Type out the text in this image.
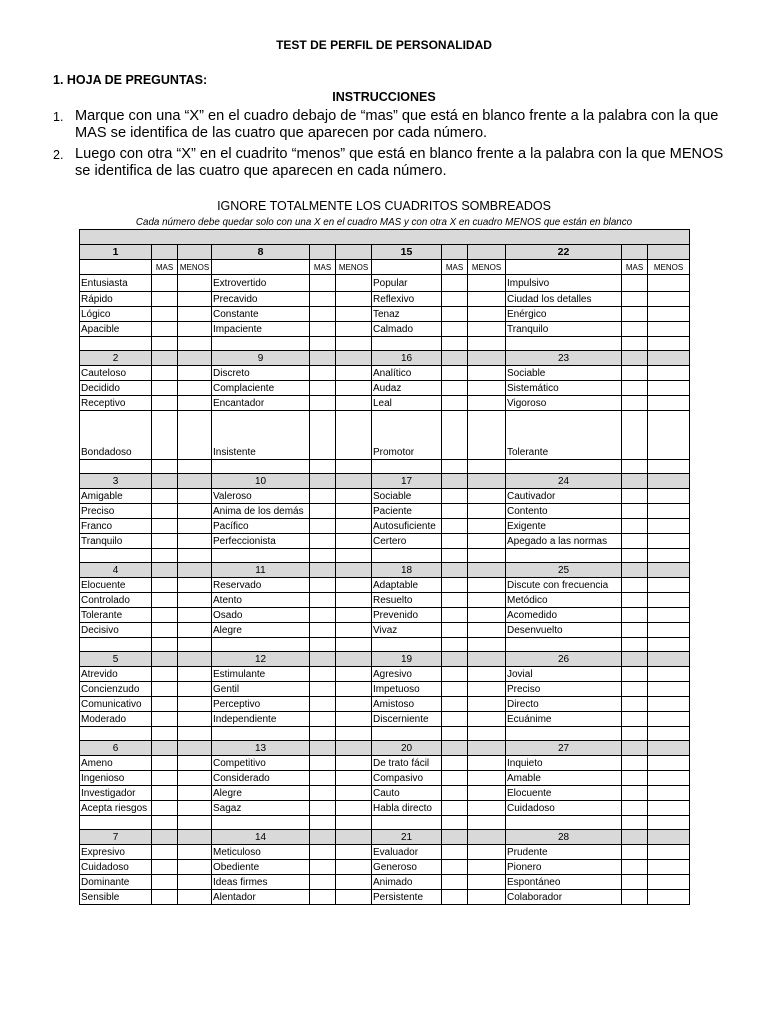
TEST DE PERFIL DE PERSONALIDAD
1. HOJA DE PREGUNTAS:
INSTRUCCIONES
1. Marque con una “X” en el cuadro debajo de “mas” que está en blanco frente a la palabra con la que MAS se identifica de las cuatro que aparecen por cada número.
2. Luego con otra “X” en el cuadrito “menos” que está en blanco frente a la palabra con la que MENOS se identifica de las cuatro que aparecen en cada número.
IGNORE TOTALMENTE LOS CUADRITOS SOMBREADOS
Cada número debe quedar solo con una X en el cuadro MAS y con otra X en cuadro MENOS que están en blanco

1			8			15			22		
	MAS	MENOS		MAS	MENOS		MAS	MENOS		MAS	MENOS
Entusiasta			Extrovertido			Popular			Impulsivo		
Rápido			Precavido			Reflexivo			Ciudad los detalles		
Lógico			Constante			Tenaz			Enérgico		
Apacible			Impaciente			Calmado			Tranquilo		

2			9			16			23		
Cauteloso			Discreto			Analítico			Sociable		
Decidido			Complaciente			Audaz			Sistemático		
Receptivo			Encantador			Leal			Vigoroso		
Bondadoso			Insistente			Promotor			Tolerante		

3			10			17			24		
Amigable			Valeroso			Sociable			Cautivador		
Preciso			Anima de los demás			Paciente			Contento		
Franco			Pacífico			Autosuficiente			Exigente		
Tranquilo			Perfeccionista			Certero			Apegado a las normas		

4			11			18			25		
Elocuente			Reservado			Adaptable			Discute con frecuencia		
Controlado			Atento			Resuelto			Metódico		
Tolerante			Osado			Prevenido			Acomedido		
Decisivo			Alegre			Vivaz			Desenvuelto		

5			12			19			26		
Atrevido			Estimulante			Agresivo			Jovial		
Concienzudo			Gentil			Impetuoso			Preciso		
Comunicativo			Perceptivo			Amistoso			Directo		
Moderado			Independiente			Discerniente			Ecuánime		

6			13			20			27		
Ameno			Competitivo			De trato fácil			Inquieto		
Ingenioso			Considerado			Compasivo			Amable		
Investigador			Alegre			Cauto			Elocuente		
Acepta riesgos			Sagaz			Habla directo			Cuidadoso		

7			14			21			28		
Expresivo			Meticuloso			Evaluador			Prudente		
Cuidadoso			Obediente			Generoso			Pionero		
Dominante			Ideas firmes			Animado			Espontáneo		
Sensible			Alentador			Persistente			Colaborador		
